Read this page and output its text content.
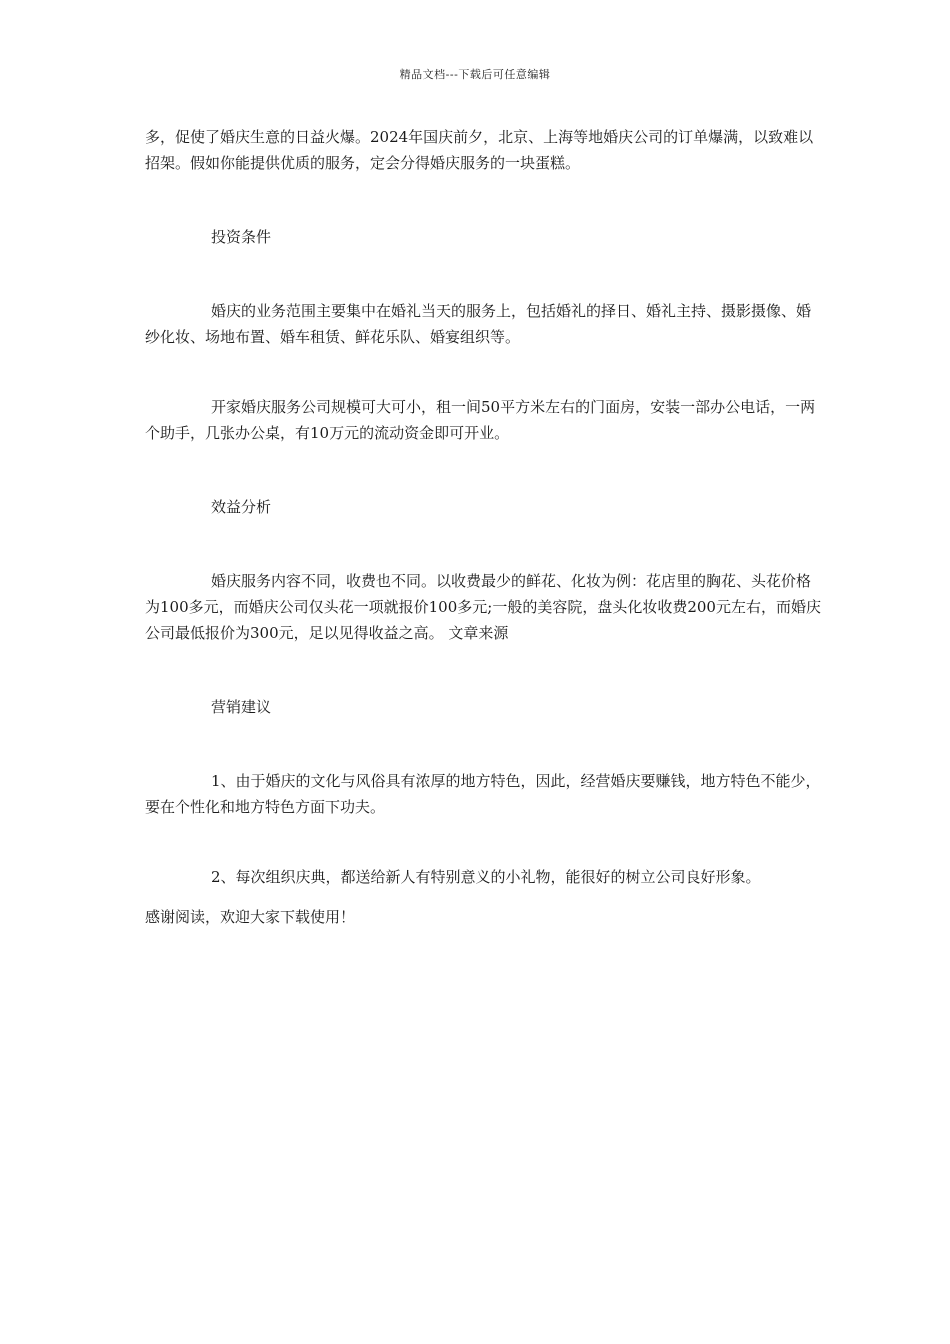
精品文档---下载后可任意编辑

多，促使了婚庆生意的日益火爆。2024年国庆前夕，北京、上海等地婚庆公司的订单爆满，以致难以招架。假如你能提供优质的服务，定会分得婚庆服务的一块蛋糕。

投资条件

婚庆的业务范围主要集中在婚礼当天的服务上，包括婚礼的择日、婚礼主持、摄影摄像、婚纱化妆、场地布置、婚车租赁、鲜花乐队、婚宴组织等。

开家婚庆服务公司规模可大可小，租一间50平方米左右的门面房，安装一部办公电话，一两个助手，几张办公桌，有10万元的流动资金即可开业。

效益分析

婚庆服务内容不同，收费也不同。以收费最少的鲜花、化妆为例：花店里的胸花、头花价格为100多元，而婚庆公司仅头花一项就报价100多元;一般的美容院，盘头化妆收费200元左右，而婚庆公司最低报价为300元，足以见得收益之高。 文章来源

营销建议

1、由于婚庆的文化与风俗具有浓厚的地方特色，因此，经营婚庆要赚钱，地方特色不能少，要在个性化和地方特色方面下功夫。

2、每次组织庆典，都送给新人有特别意义的小礼物，能很好的树立公司良好形象。

感谢阅读，欢迎大家下载使用！
